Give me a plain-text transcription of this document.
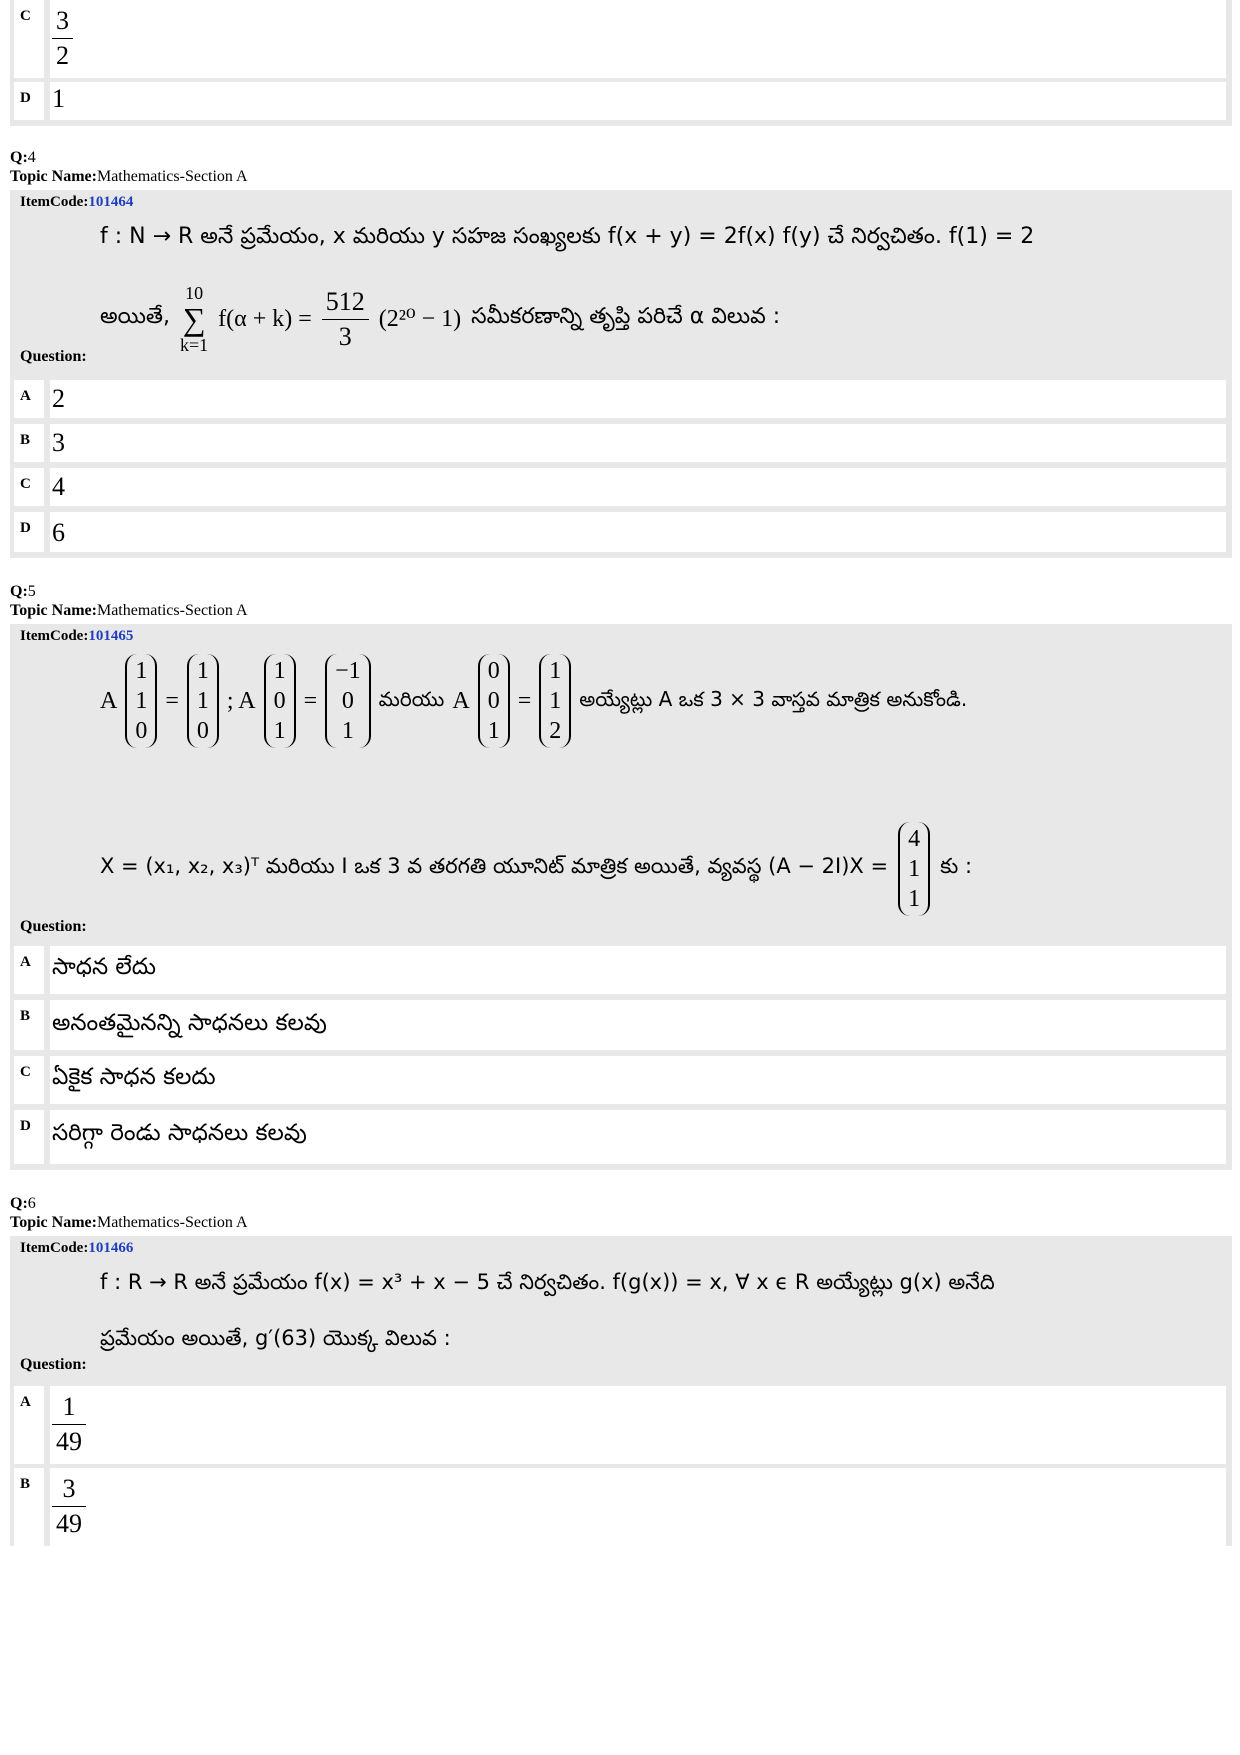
C $\frac{3}{2}$
D 1
Q:4
Topic Name:Mathematics-Section A
ItemCode:101464
f : N → R అనే ప్రమేయం, x మరియు y సహజ సంఖ్యలకు f(x + y) = 2f(x) f(y) చే నిర్వచితం. f(1) = 2
అయితే,
10
∑
k=1
$f(\alpha + k) = \frac{512}{3} (2^{20} - 1)$ సమీకరణాన్ని తృప్తి పరిచే α విలువ :
Question:
A 2
B 3
C 4
D 6
Q:5
Topic Name:Mathematics-Section A
ItemCode:101465
A
1
1
0
=
1
1
0
; A
1
0
1
=
−1
0
1
మరియు A
0
0
1
=
1
1
2
అయ్యేట్లు A ఒక 3 × 3 వాస్తవ మాత్రిక అనుకోండి.
X = (x₁, x₂, x₃)ᵀ మరియు I ఒక 3 వ తరగతి యూనిట్ మాత్రిక అయితే, వ్యవస్థ (A − 2I)X =
4
1
1
కు :
Question:
A సాధన లేదు
B అనంతమైనన్ని సాధనలు కలవు
C ఏకైక సాధన కలదు
D సరిగ్గా రెండు సాధనలు కలవు
Q:6
Topic Name:Mathematics-Section A
ItemCode:101466
f : R → R అనే ప్రమేయం f(x) = x³ + x − 5 చే నిర్వచితం. f(g(x)) = x, ∀ x ϵ R అయ్యేట్లు g(x) అనేది
ప్రమేయం అయితే, g′(63) యొక్క విలువ :
Question:
A $\frac{1}{49}$
B $\frac{3}{49}$
